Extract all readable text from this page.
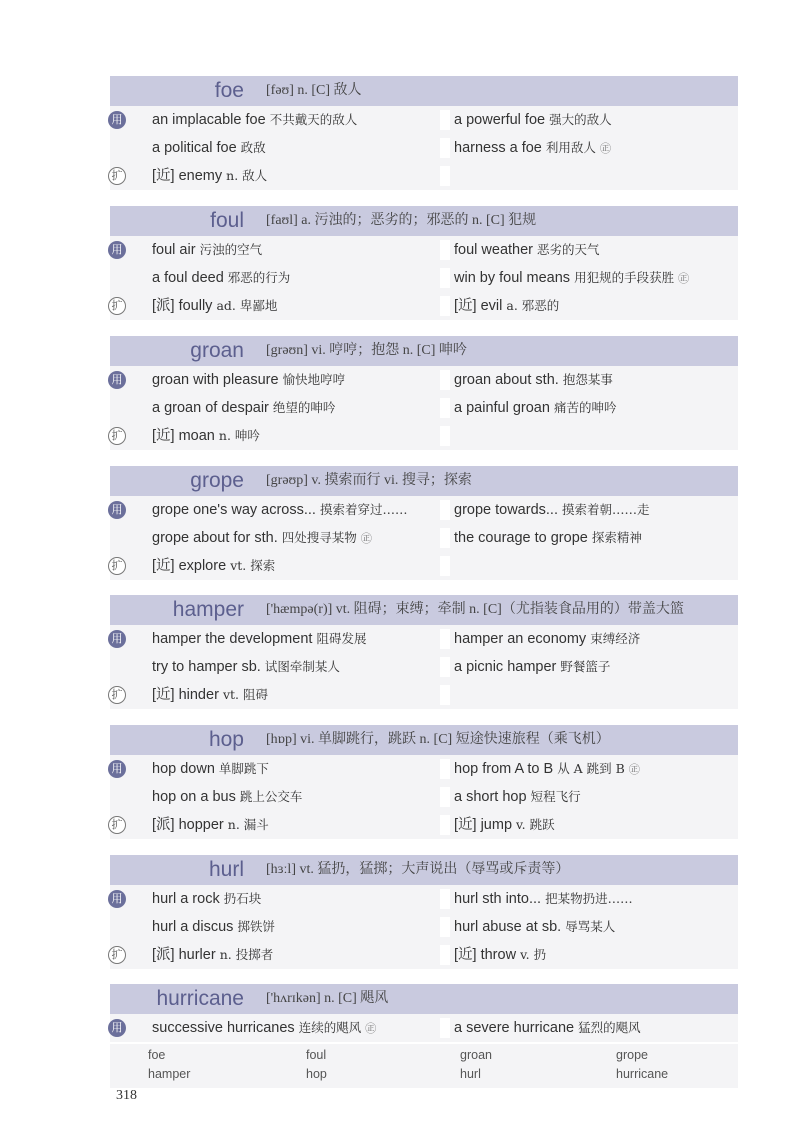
foe [fəʊ] n. [C] 敌人
用 an implacable foe 不共戴天的敌人	a powerful foe 强大的敌人
a political foe 政敌	harness a foe 利用敌人 ㊣
扩 [近] enemy n. 敌人
foul [faʊl] a. 污浊的；恶劣的；邪恶的 n. [C] 犯规
用 foul air 污浊的空气	foul weather 恶劣的天气
a foul deed 邪恶的行为	win by foul means 用犯规的手段获胜 ㊣
扩 [派] foully ad. 卑鄙地	[近] evil a. 邪恶的
groan [grəʊn] vi. 哼哼；抱怨 n. [C] 呻吟
用 groan with pleasure 愉快地哼哼	groan about sth. 抱怨某事
a groan of despair 绝望的呻吟	a painful groan 痛苦的呻吟
扩 [近] moan n. 呻吟
grope [grəʊp] v. 摸索而行 vi. 搜寻；探索
用 grope one's way across... 摸索着穿过……	grope towards... 摸索着朝……走
grope about for sth. 四处搜寻某物 ㊣	the courage to grope 探索精神
扩 [近] explore vt. 探索
hamper ['hæmpə(r)] vt. 阻碍；束缚；牵制 n. [C]（尤指装食品用的）带盖大篮
用 hamper the development 阻碍发展	hamper an economy 束缚经济
try to hamper sb. 试图牵制某人	a picnic hamper 野餐篮子
扩 [近] hinder vt. 阻碍
hop [hɒp] vi. 单脚跳行，跳跃 n. [C] 短途快速旅程（乘飞机）
用 hop down 单脚跳下	hop from A to B 从 A 跳到 B ㊣
hop on a bus 跳上公交车	a short hop 短程飞行
扩 [派] hopper n. 漏斗	[近] jump v. 跳跃
hurl [hɜːl] vt. 猛扔，猛掷；大声说出（辱骂或斥责等）
用 hurl a rock 扔石块	hurl sth into... 把某物扔进……
hurl a discus 掷铁饼	hurl abuse at sb. 辱骂某人
扩 [派] hurler n. 投掷者	[近] throw v. 扔
hurricane ['hʌrɪkən] n. [C] 飓风
用 successive hurricanes 连续的飓风 ㊣	a severe hurricane 猛烈的飓风
foe	foul	groan	grope
hamper	hop	hurl	hurricane
318
